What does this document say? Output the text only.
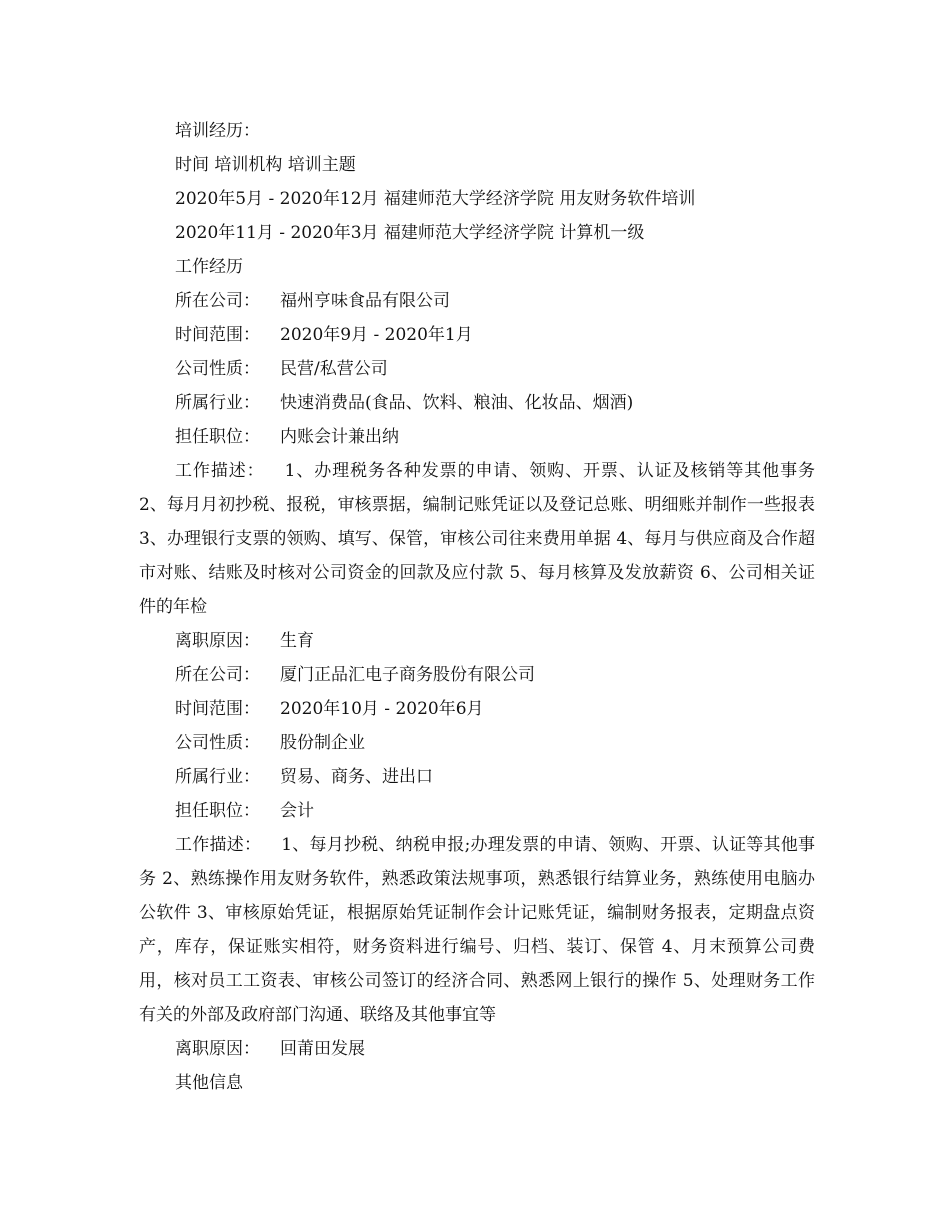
培训经历：

时间 培训机构 培训主题

2020年5月 - 2020年12月 福建师范大学经济学院 用友财务软件培训

2020年11月 - 2020年3月 福建师范大学经济学院 计算机一级

工作经历

所在公司： 福州亨味食品有限公司

时间范围： 2020年9月 - 2020年1月

公司性质： 民营/私营公司

所属行业： 快速消费品(食品、饮料、粮油、化妆品、烟酒)

担任职位： 内账会计兼出纳

工作描述： 1、办理税务各种发票的申请、领购、开票、认证及核销等其他事务 2、每月月初抄税、报税，审核票据，编制记账凭证以及登记总账、明细账并制作一些报表 3、办理银行支票的领购、填写、保管，审核公司往来费用单据 4、每月与供应商及合作超市对账、结账及时核对公司资金的回款及应付款 5、每月核算及发放薪资 6、公司相关证件的年检

离职原因： 生育

所在公司： 厦门正品汇电子商务股份有限公司

时间范围： 2020年10月 - 2020年6月

公司性质： 股份制企业

所属行业： 贸易、商务、进出口

担任职位： 会计

工作描述： 1、每月抄税、纳税申报;办理发票的申请、领购、开票、认证等其他事务 2、熟练操作用友财务软件，熟悉政策法规事项，熟悉银行结算业务，熟练使用电脑办公软件 3、审核原始凭证，根据原始凭证制作会计记账凭证，编制财务报表，定期盘点资产，库存，保证账实相符，财务资料进行编号、归档、装订、保管 4、月末预算公司费用，核对员工工资表、审核公司签订的经济合同、熟悉网上银行的操作 5、处理财务工作有关的外部及政府部门沟通、联络及其他事宜等

离职原因： 回莆田发展

其他信息
